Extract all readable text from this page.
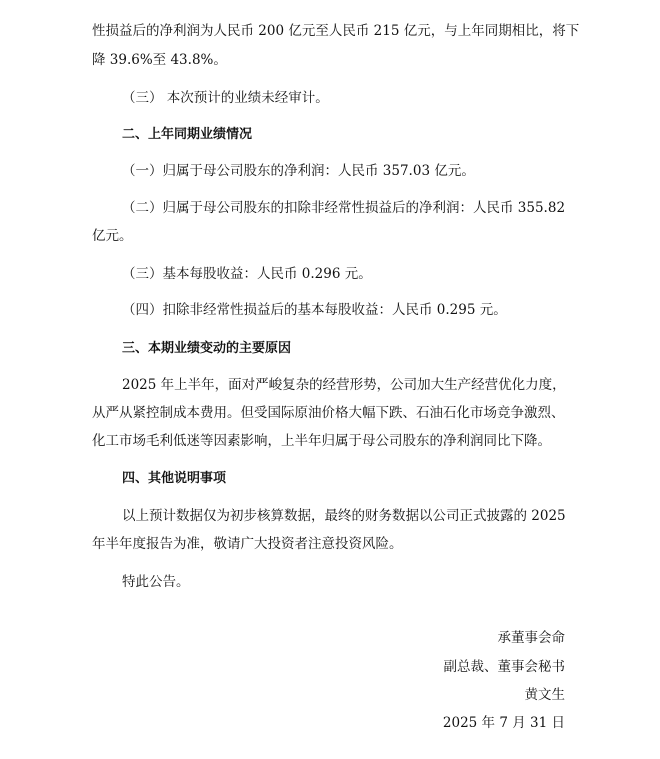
性损益后的净利润为人民币 200 亿元至人民币 215 亿元，与上年同期相比，将下
降 39.6%至 43.8%。
（三） 本次预计的业绩未经审计。
二、上年同期业绩情况
（一）归属于母公司股东的净利润：人民币 357.03 亿元。
（二）归属于母公司股东的扣除非经常性损益后的净利润：人民币 355.82
亿元。
（三）基本每股收益：人民币 0.296 元。
（四）扣除非经常性损益后的基本每股收益：人民币 0.295 元。
三、本期业绩变动的主要原因
2025 年上半年，面对严峻复杂的经营形势，公司加大生产经营优化力度，
从严从紧控制成本费用。但受国际原油价格大幅下跌、石油石化市场竞争激烈、
化工市场毛利低迷等因素影响，上半年归属于母公司股东的净利润同比下降。
四、其他说明事项
以上预计数据仅为初步核算数据，最终的财务数据以公司正式披露的 2025
年半年度报告为准，敬请广大投资者注意投资风险。
特此公告。
承董事会命
副总裁、董事会秘书
黄文生
2025 年 7 月 31 日
